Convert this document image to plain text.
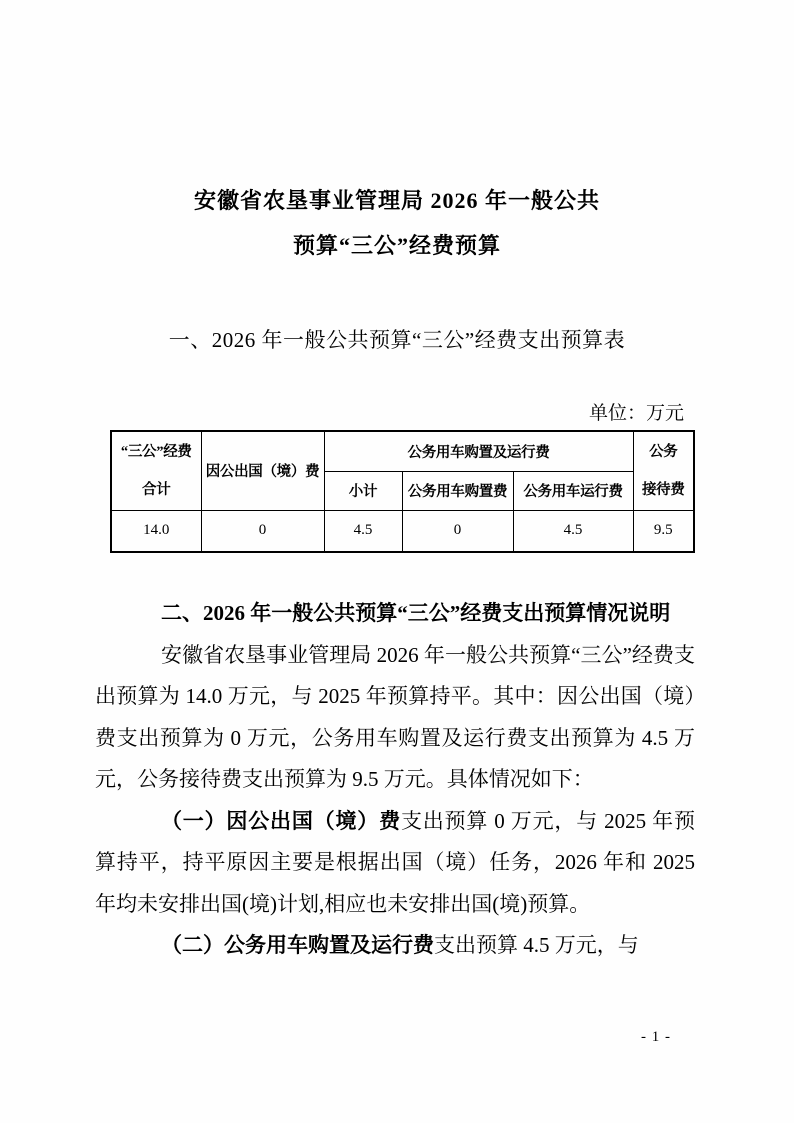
安徽省农垦事业管理局 2026 年一般公共
预算“三公”经费预算
一、2026 年一般公共预算“三公”经费支出预算表
单位：万元
“三公”经费
合计	因公出国（境）费	公务用车购置及运行费			公务
接待费

		小计	公务用车购置费	公务用车运行费	
14.0	0	4.5	0	4.5	9.5

二、2026 年一般公共预算“三公”经费支出预算情况说明

安徽省农垦事业管理局 2026 年一般公共预算“三公”经费支出预算为 14.0 万元，与 2025 年预算持平。其中：因公出国（境）费支出预算为 0 万元，公务用车购置及运行费支出预算为 4.5 万元，公务接待费支出预算为 9.5 万元。具体情况如下：

（一）因公出国（境）费支出预算 0 万元，与 2025 年预算持平，持平原因主要是根据出国（境）任务，2026 年和 2025 年均未安排出国(境)计划,相应也未安排出国(境)预算。

（二）公务用车购置及运行费支出预算 4.5 万元，与

- 1 -
